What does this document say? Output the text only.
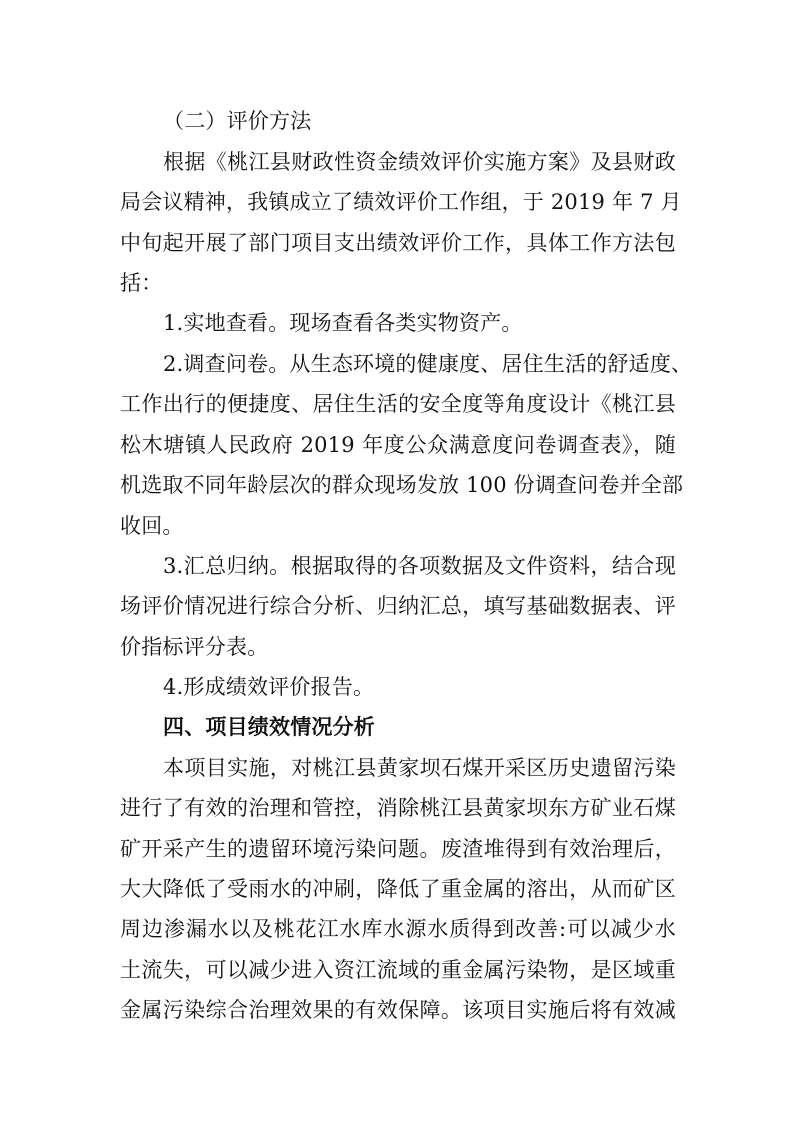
（二）评价方法
根据《桃江县财政性资金绩效评价实施方案》及县财政
局会议精神，我镇成立了绩效评价工作组，于 2019 年 7 月
中旬起开展了部门项目支出绩效评价工作，具体工作方法包
括：
1.实地查看。现场查看各类实物资产。
2.调查问卷。从生态环境的健康度、居住生活的舒适度、
工作出行的便捷度、居住生活的安全度等角度设计《桃江县
松木塘镇人民政府 2019 年度公众满意度问卷调查表》，随
机选取不同年龄层次的群众现场发放 100 份调查问卷并全部
收回。
3.汇总归纳。根据取得的各项数据及文件资料，结合现
场评价情况进行综合分析、归纳汇总，填写基础数据表、评
价指标评分表。
4.形成绩效评价报告。
四、项目绩效情况分析
本项目实施，对桃江县黄家坝石煤开采区历史遗留污染
进行了有效的治理和管控，消除桃江县黄家坝东方矿业石煤
矿开采产生的遗留环境污染问题。废渣堆得到有效治理后，
大大降低了受雨水的冲刷，降低了重金属的溶出，从而矿区
周边渗漏水以及桃花江水库水源水质得到改善:可以减少水
土流失，可以减少进入资江流域的重金属污染物，是区域重
金属污染综合治理效果的有效保障。该项目实施后将有效减
